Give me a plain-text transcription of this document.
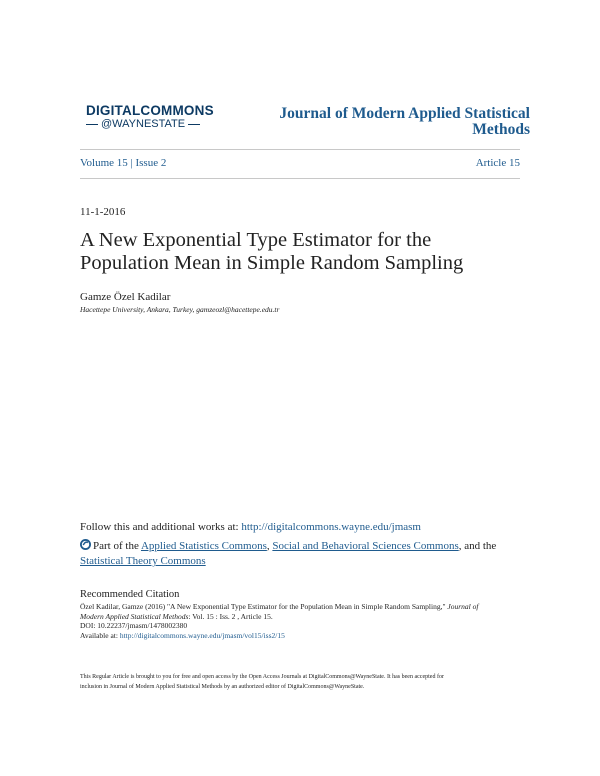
DIGITALCOMMONS
@WAYNESTATE
Journal of Modern Applied Statistical
Methods
Volume 15 | Issue 2	Article 15
11-1-2016
A New Exponential Type Estimator for the
Population Mean in Simple Random Sampling
Gamze Özel Kadilar
Hacettepe University, Ankara, Turkey, gamzeozl@hacettepe.edu.tr
Follow this and additional works at: http://digitalcommons.wayne.edu/jmasm
Part of the Applied Statistics Commons, Social and Behavioral Sciences Commons, and the
Statistical Theory Commons
Recommended Citation
Özel Kadilar, Gamze (2016) "A New Exponential Type Estimator for the Population Mean in Simple Random Sampling," Journal of
Modern Applied Statistical Methods: Vol. 15 : Iss. 2 , Article 15.
DOI: 10.22237/jmasm/1478002380
Available at: http://digitalcommons.wayne.edu/jmasm/vol15/iss2/15
This Regular Article is brought to you for free and open access by the Open Access Journals at DigitalCommons@WayneState. It has been accepted for
inclusion in Journal of Modern Applied Statistical Methods by an authorized editor of DigitalCommons@WayneState.
